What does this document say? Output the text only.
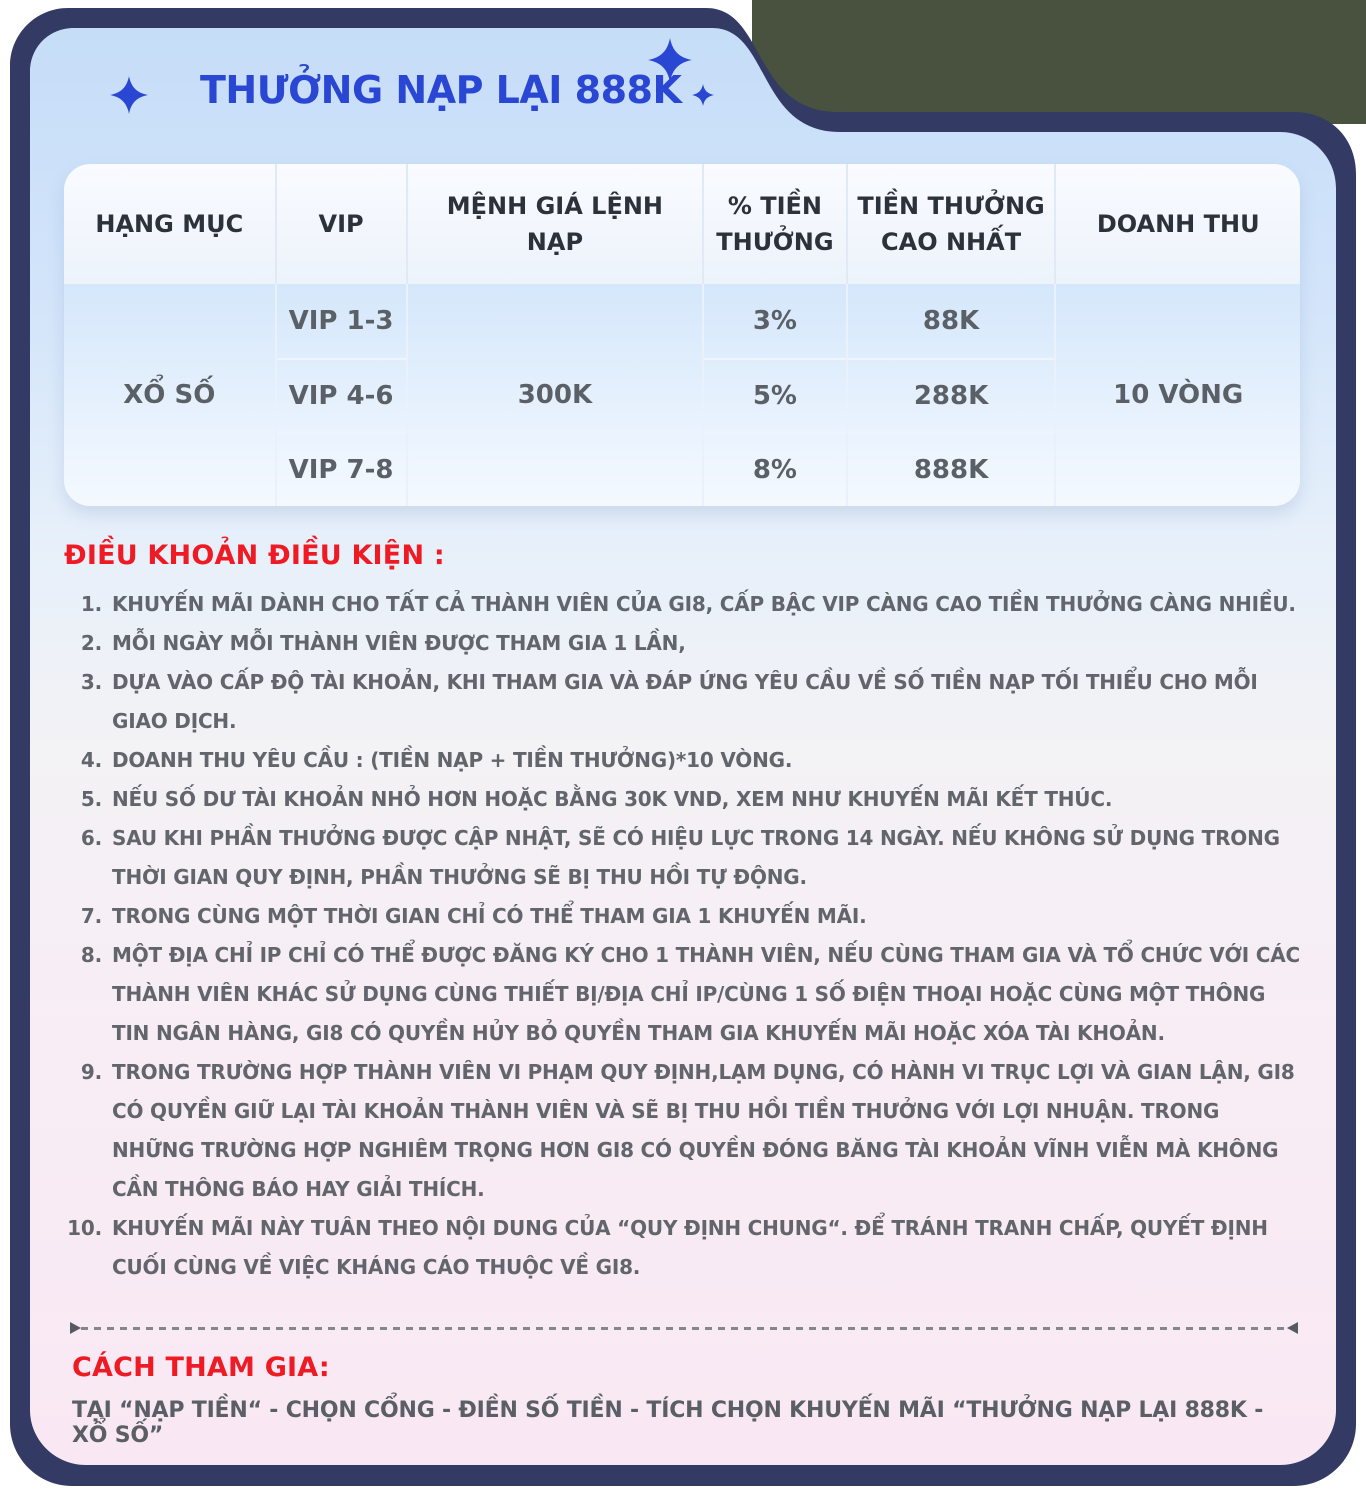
THƯỞNG NẠP LẠI 888K
HẠNG MỤC	VIP
MỆNH GIÁ LỆNH NẠP
% TIỀN THƯỞNG
TIỀN THƯỞNG CAO NHẤT
DOANH THU
XỔ SỐ
VIP 1-3
VIP 4-6
VIP 7-8
300K
3%
5%
8%
88K
288K
888K
10 VÒNG
ĐIỀU KHOẢN ĐIỀU KIỆN :
1. KHUYẾN MÃI DÀNH CHO TẤT CẢ THÀNH VIÊN CỦA GI8, CẤP BẬC VIP CÀNG CAO TIỀN THƯỞNG CÀNG NHIỀU.
2. MỖI NGÀY MỖI THÀNH VIÊN ĐƯỢC THAM GIA 1 LẦN,
3. DỰA VÀO CẤP ĐỘ TÀI KHOẢN, KHI THAM GIA VÀ ĐÁP ỨNG YÊU CẦU VỀ SỐ TIỀN NẠP TỐI THIỂU CHO MỖI GIAO DỊCH.
4. DOANH THU YÊU CẦU : (TIỀN NẠP + TIỀN THƯỞNG)*10 VÒNG.
5. NẾU SỐ DƯ TÀI KHOẢN NHỎ HƠN HOẶC BẰNG 30K VND, XEM NHƯ KHUYẾN MÃI KẾT THÚC.
6. SAU KHI PHẦN THƯỞNG ĐƯỢC CẬP NHẬT, SẼ CÓ HIỆU LỰC TRONG 14 NGÀY. NẾU KHÔNG SỬ DỤNG TRONG THỜI GIAN QUY ĐỊNH, PHẦN THƯỞNG SẼ BỊ THU HỒI TỰ ĐỘNG.
7. TRONG CÙNG MỘT THỜI GIAN CHỈ CÓ THỂ THAM GIA 1 KHUYẾN MÃI.
8. MỘT ĐỊA CHỈ IP CHỈ CÓ THỂ ĐƯỢC ĐĂNG KÝ CHO 1 THÀNH VIÊN, NẾU CÙNG THAM GIA VÀ TỔ CHỨC VỚI CÁC THÀNH VIÊN KHÁC SỬ DỤNG CÙNG THIẾT BỊ/ĐỊA CHỈ IP/CÙNG 1 SỐ ĐIỆN THOẠI HOẶC CÙNG MỘT THÔNG TIN NGÂN HÀNG, GI8 CÓ QUYỀN HỦY BỎ QUYỀN THAM GIA KHUYẾN MÃI HOẶC XÓA TÀI KHOẢN.
9. TRONG TRƯỜNG HỢP THÀNH VIÊN VI PHẠM QUY ĐỊNH,LẠM DỤNG, CÓ HÀNH VI TRỤC LỢI VÀ GIAN LẬN, GI8 CÓ QUYỀN GIỮ LẠI TÀI KHOẢN THÀNH VIÊN VÀ SẼ BỊ THU HỒI TIỀN THƯỞNG VỚI LỢI NHUẬN. TRONG NHỮNG TRƯỜNG HỢP NGHIÊM TRỌNG HƠN GI8 CÓ QUYỀN ĐÓNG BĂNG TÀI KHOẢN VĨNH VIỄN MÀ KHÔNG CẦN THÔNG BÁO HAY GIẢI THÍCH.
10. KHUYẾN MÃI NÀY TUÂN THEO NỘI DUNG CỦA “QUY ĐỊNH CHUNG“. ĐỂ TRÁNH TRANH CHẤP, QUYẾT ĐỊNH CUỐI CÙNG VỀ VIỆC KHÁNG CÁO THUỘC VỀ GI8.
CÁCH THAM GIA:
TẠI “NẠP TIỀN“ - CHỌN CỔNG - ĐIỀN SỐ TIỀN - TÍCH CHỌN KHUYẾN MÃI “THƯỞNG NẠP LẠI 888K - XỔ SỐ”
